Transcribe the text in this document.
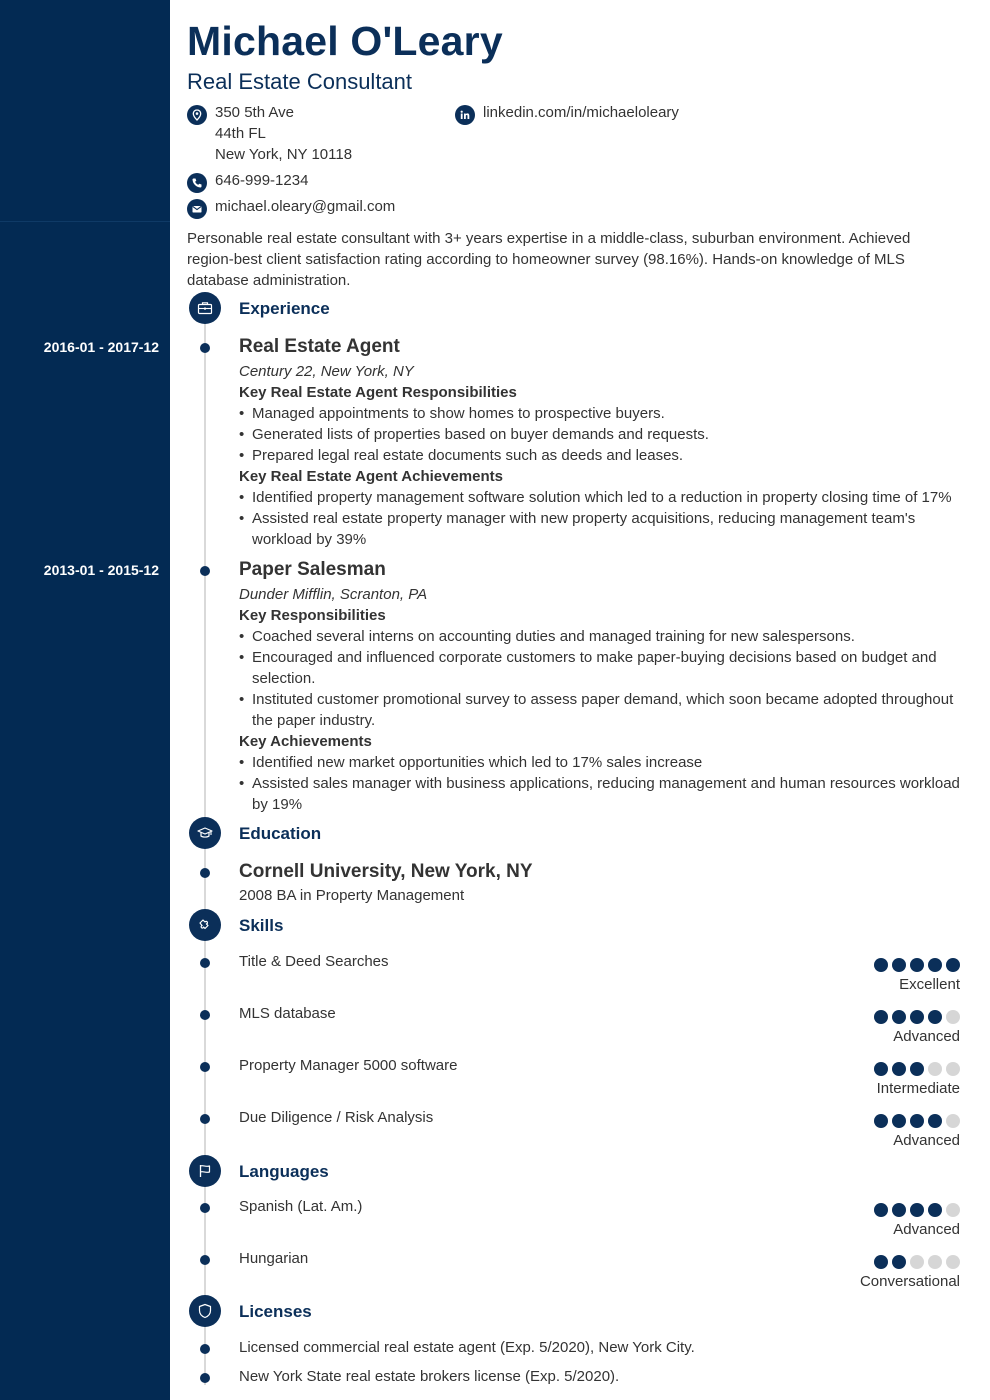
Michael O'Leary
Real Estate Consultant
350 5th Ave
44th FL
New York, NY 10118
646-999-1234
michael.oleary@gmail.com
linkedin.com/in/michaeloleary
Personable real estate consultant with 3+ years expertise in a middle-class, suburban environment. Achieved region-best client satisfaction rating according to homeowner survey (98.16%). Hands-on knowledge of MLS database administration.
Experience
2016-01 - 2017-12	Real Estate Agent
Century 22, New York, NY
Key Real Estate Agent Responsibilities
• Managed appointments to show homes to prospective buyers.
• Generated lists of properties based on buyer demands and requests.
• Prepared legal real estate documents such as deeds and leases.
Key Real Estate Agent Achievements
• Identified property management software solution which led to a reduction in property closing time of 17%
• Assisted real estate property manager with new property acquisitions, reducing management team's workload by 39%
2013-01 - 2015-12	Paper Salesman
Dunder Mifflin, Scranton, PA
Key Responsibilities
• Coached several interns on accounting duties and managed training for new salespersons.
• Encouraged and influenced corporate customers to make paper-buying decisions based on budget and selection.
• Instituted customer promotional survey to assess paper demand, which soon became adopted throughout the paper industry.
Key Achievements
• Identified new market opportunities which led to 17% sales increase
• Assisted sales manager with business applications, reducing management and human resources workload by 19%
Education
Cornell University, New York, NY
2008 BA in Property Management
Skills
Title & Deed Searches
Excellent
MLS database
Advanced
Property Manager 5000 software
Intermediate
Due Diligence / Risk Analysis
Advanced
Languages
Spanish (Lat. Am.)
Advanced
Hungarian
Conversational
Licenses
Licensed commercial real estate agent (Exp. 5/2020), New York City.
New York State real estate brokers license (Exp. 5/2020).
